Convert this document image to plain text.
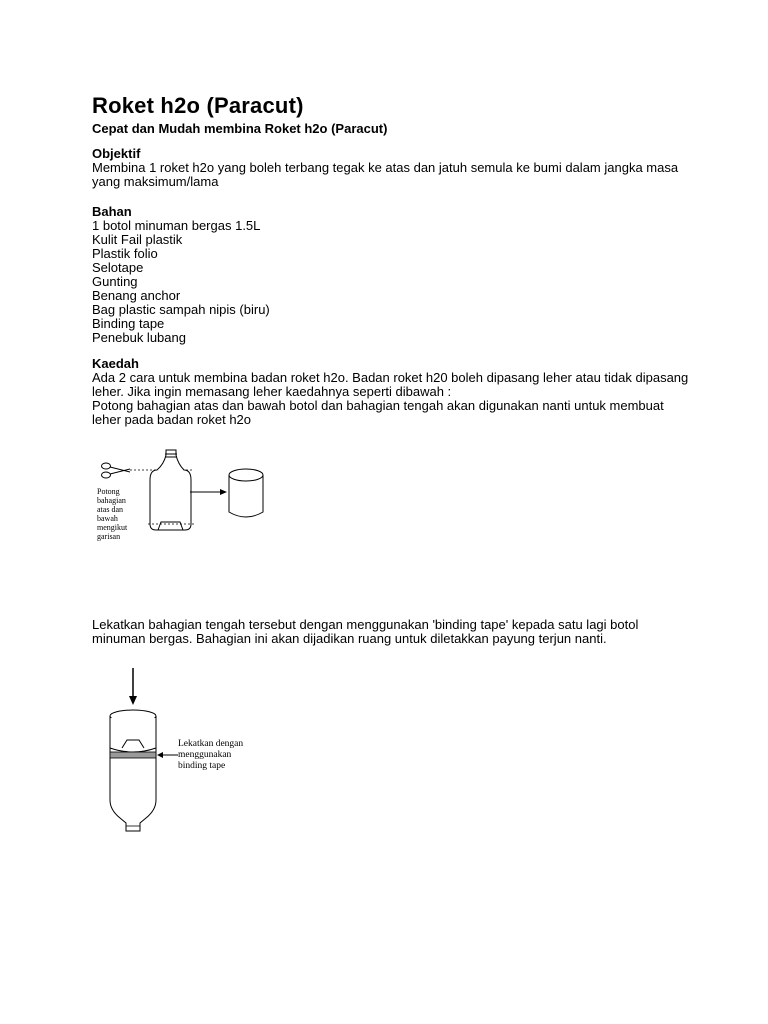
Roket h2o (Paracut)
Cepat dan Mudah membina Roket h2o (Paracut)
Objektif
Membina 1 roket h2o yang boleh terbang tegak ke atas dan jatuh semula ke bumi dalam jangka masa yang maksimum/lama
Bahan
1 botol minuman bergas 1.5L
Kulit Fail plastik
Plastik folio
Selotape
Gunting
Benang anchor
Bag plastic sampah nipis (biru)
Binding tape
Penebuk lubang
Kaedah
Ada 2 cara untuk membina badan roket h2o. Badan roket h20 boleh dipasang leher atau tidak dipasang leher. Jika ingin memasang leher kaedahnya seperti dibawah :
Potong bahagian atas dan bawah botol dan bahagian tengah akan digunakan nanti untuk membuat leher pada badan roket h2o
Potong
bahagian
atas dan
bawah
mengikut
garisan
Lekatkan bahagian tengah tersebut dengan menggunakan 'binding tape' kepada satu lagi botol minuman bergas. Bahagian ini akan dijadikan ruang untuk diletakkan payung terjun nanti.
Lekatkan dengan
menggunakan
binding tape
